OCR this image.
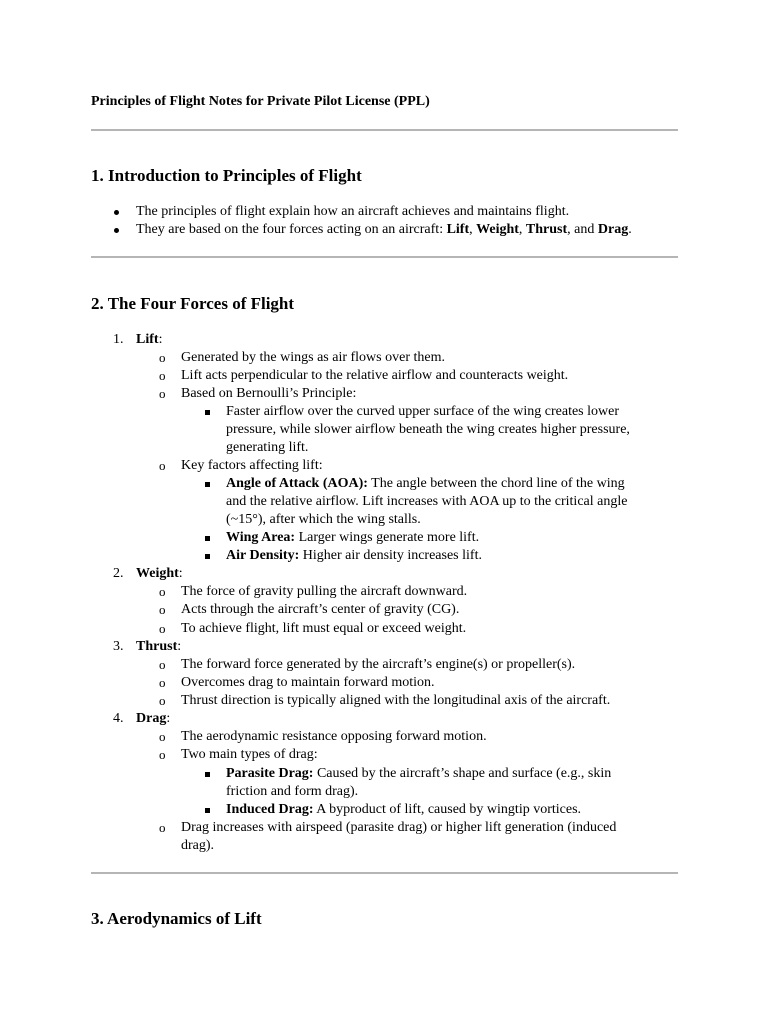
Principles of Flight Notes for Private Pilot License (PPL)
1. Introduction to Principles of Flight
The principles of flight explain how an aircraft achieves and maintains flight.
They are based on the four forces acting on an aircraft: Lift, Weight, Thrust, and Drag.
2. The Four Forces of Flight
1. Lift:
o Generated by the wings as air flows over them.
o Lift acts perpendicular to the relative airflow and counteracts weight.
o Based on Bernoulli’s Principle:
Faster airflow over the curved upper surface of the wing creates lower
pressure, while slower airflow beneath the wing creates higher pressure,
generating lift.
o Key factors affecting lift:
Angle of Attack (AOA): The angle between the chord line of the wing
and the relative airflow. Lift increases with AOA up to the critical angle
(~15°), after which the wing stalls.
Wing Area: Larger wings generate more lift.
Air Density: Higher air density increases lift.
2. Weight:
o The force of gravity pulling the aircraft downward.
o Acts through the aircraft’s center of gravity (CG).
o To achieve flight, lift must equal or exceed weight.
3. Thrust:
o The forward force generated by the aircraft’s engine(s) or propeller(s).
o Overcomes drag to maintain forward motion.
o Thrust direction is typically aligned with the longitudinal axis of the aircraft.
4. Drag:
o The aerodynamic resistance opposing forward motion.
o Two main types of drag:
Parasite Drag: Caused by the aircraft’s shape and surface (e.g., skin
friction and form drag).
Induced Drag: A byproduct of lift, caused by wingtip vortices.
o Drag increases with airspeed (parasite drag) or higher lift generation (induced
drag).
3. Aerodynamics of Lift
